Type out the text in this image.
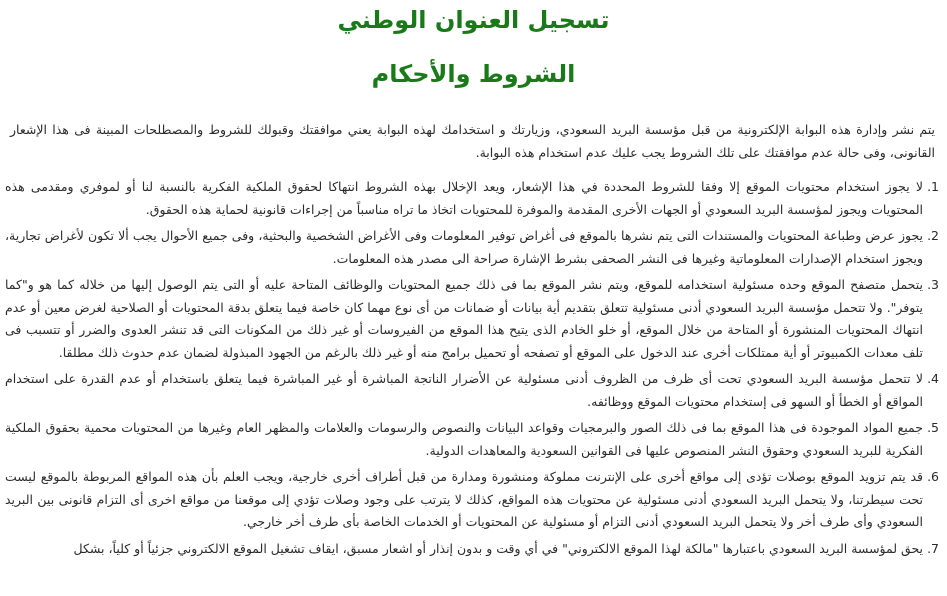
تسجيل العنوان الوطني
الشروط والأحكام

يتم نشر وإدارة هذه البوابة الإلكترونية من قبل مؤسسة البريد السعودي، وزيارتك و استخدامك لهذه البوابة يعني موافقتك وقبولك للشروط والمصطلحات المبينة فى هذا الإشعار القانونى، وفى حالة عدم موافقتك على تلك الشروط يجب عليك عدم استخدام هذه البوابة.

1.
لا يجوز استخدام محتويات الموقع إلا وفقا للشروط المحددة في هذا الإشعار، ويعد الإخلال بهذه الشروط انتهاكا لحقوق الملكية الفكرية بالنسبة لنا أو لموفري ومقدمى هذه المحتويات ويجوز لمؤسسة البريد السعودي أو الجهات الأخرى المقدمة والموفرة للمحتويات اتخاذ ما تراه مناسباً من إجراءات قانونية لحماية هذه الحقوق.
2.
يجوز عرض وطباعة المحتويات والمستندات التى يتم نشرها بالموقع فى أغراض توفير المعلومات وفى الأغراض الشخصية والبحثية، وفى جميع الأحوال يجب ألا تكون لأغراض تجارية، ويجوز استخدام الإصدارات المعلوماتية وغيرها فى النشر الصحفى بشرط الإشارة صراحة الى مصدر هذه المعلومات.
3.
يتحمل متصفح الموقع وحده مسئولية استخدامه للموقع، ويتم نشر الموقع بما فى ذلك جميع المحتويات والوظائف المتاحة عليه أو التى يتم الوصول إليها من خلاله كما هو و"كما يتوفر". ولا تتحمل مؤسسة البريد السعودي أدنى مسئولية تتعلق بتقديم أية بيانات أو ضمانات من أى نوع مهما كان خاصة فيما يتعلق بدقة المحتويات أو الصلاحية لغرض معين أو عدم انتهاك المحتويات المنشورة أو المتاحة من خلال الموقع، أو خلو الخادم الذى يتيح هذا الموقع من الفيروسات أو غير ذلك من المكونات التى قد تنشر العدوى والضرر أو تتسبب فى تلف معدات الكمبيوتر أو أية ممتلكات أخرى عند الدخول على الموقع أو تصفحه أو تحميل برامج منه أو غير ذلك بالرغم من الجهود المبذولة لضمان عدم حدوث ذلك مطلقا.
4.
لا تتحمل مؤسسة البريد السعودي تحت أى ظرف من الظروف أدنى مسئولية عن الأضرار الناتجة المباشرة أو غير المباشرة فيما يتعلق باستخدام أو عدم القدرة على استخدام المواقع أو الخطأ أو السهو فى إستخدام محتويات الموقع ووظائفه.
5.
جميع المواد الموجودة فى هذا الموقع بما فى ذلك الصور والبرمجيات وقواعد البيانات والنصوص والرسومات والعلامات والمظهر العام وغيرها من المحتويات محمية بحقوق الملكية الفكرية للبريد السعودي وحقوق النشر المنصوص عليها فى القوانين السعودية والمعاهدات الدولية.
6.
قد يتم تزويد الموقع بوصلات تؤدى إلى مواقع أخرى على الإنترنت مملوكة ومنشورة ومدارة من قبل أطراف أخرى خارجية، ويجب العلم بأن هذه المواقع المربوطة بالموقع ليست تحت سيطرتنا، ولا يتحمل البريد السعودي أدنى مسئولية عن محتويات هذه المواقع، كذلك لا يترتب على وجود وصلات تؤدي إلى موقعنا من مواقع اخرى أى التزام قانونى بين البريد السعودي وأى طرف أخر ولا يتحمل البريد السعودي أدنى التزام أو مسئولية عن المحتويات أو الخدمات الخاصة بأى طرف أخر خارجي.
7.
يحق لمؤسسة البريد السعودي باعتبارها "مالكة لهذا الموقع الالكتروني" في أي وقت و بدون إنذار أو اشعار مسبق، ايقاف تشغيل الموقع الالكتروني جزئياً أو كلياً، بشكل
